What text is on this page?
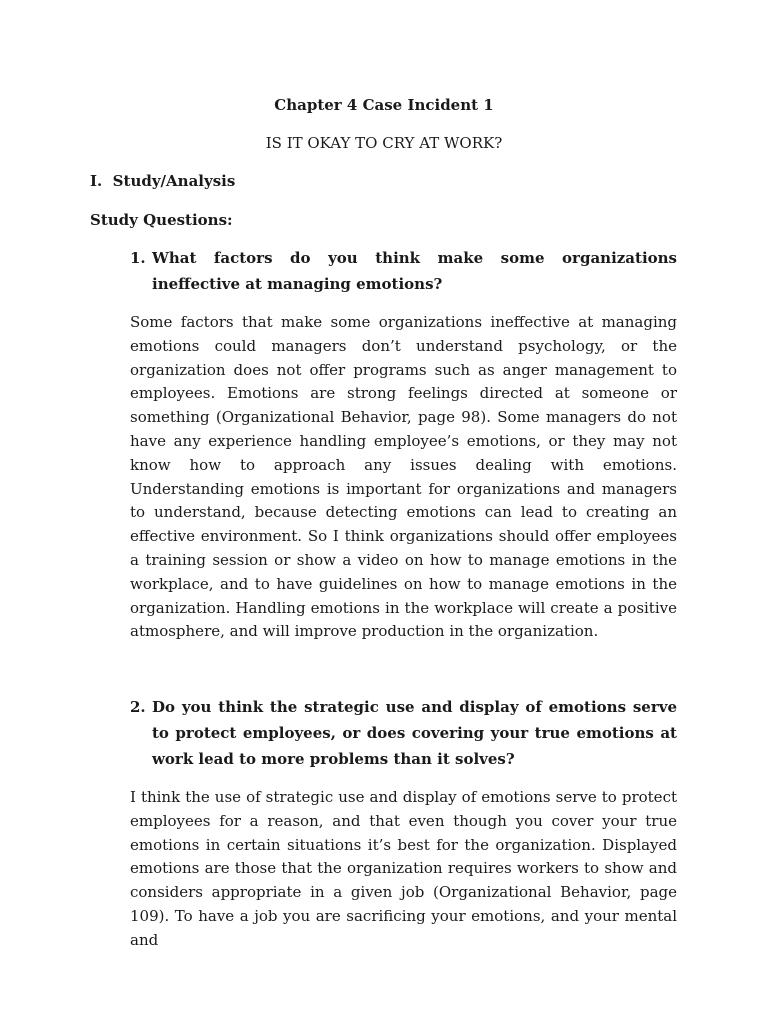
Chapter 4 Case Incident 1

IS IT OKAY TO CRY AT WORK?

I.  Study/Analysis

Study Questions:

1. What factors do you think make some organizations ineffective at managing emotions?

Some factors that make some organizations ineffective at managing emotions could managers don’t understand psychology, or the organization does not offer programs such as anger management to employees. Emotions are strong feelings directed at someone or something (Organizational Behavior, page 98). Some managers do not have any experience handling employee’s emotions, or they may not know how to approach any issues dealing with emotions. Understanding emotions is important for organizations and managers to understand, because detecting emotions can lead to creating an effective environment. So I think organizations should offer employees a training session or show a video on how to manage emotions in the workplace, and to have guidelines on how to manage emotions in the organization. Handling emotions in the workplace will create a positive atmosphere, and will improve production in the organization.

2. Do you think the strategic use and display of emotions serve to protect employees, or does covering your true emotions at work lead to more problems than it solves?

I think the use of strategic use and display of emotions serve to protect employees for a reason, and that even though you cover your true emotions in certain situations it’s best for the organization. Displayed emotions are those that the organization requires workers to show and considers appropriate in a given job (Organizational Behavior, page 109). To have a job you are sacrificing your emotions, and your mental and
